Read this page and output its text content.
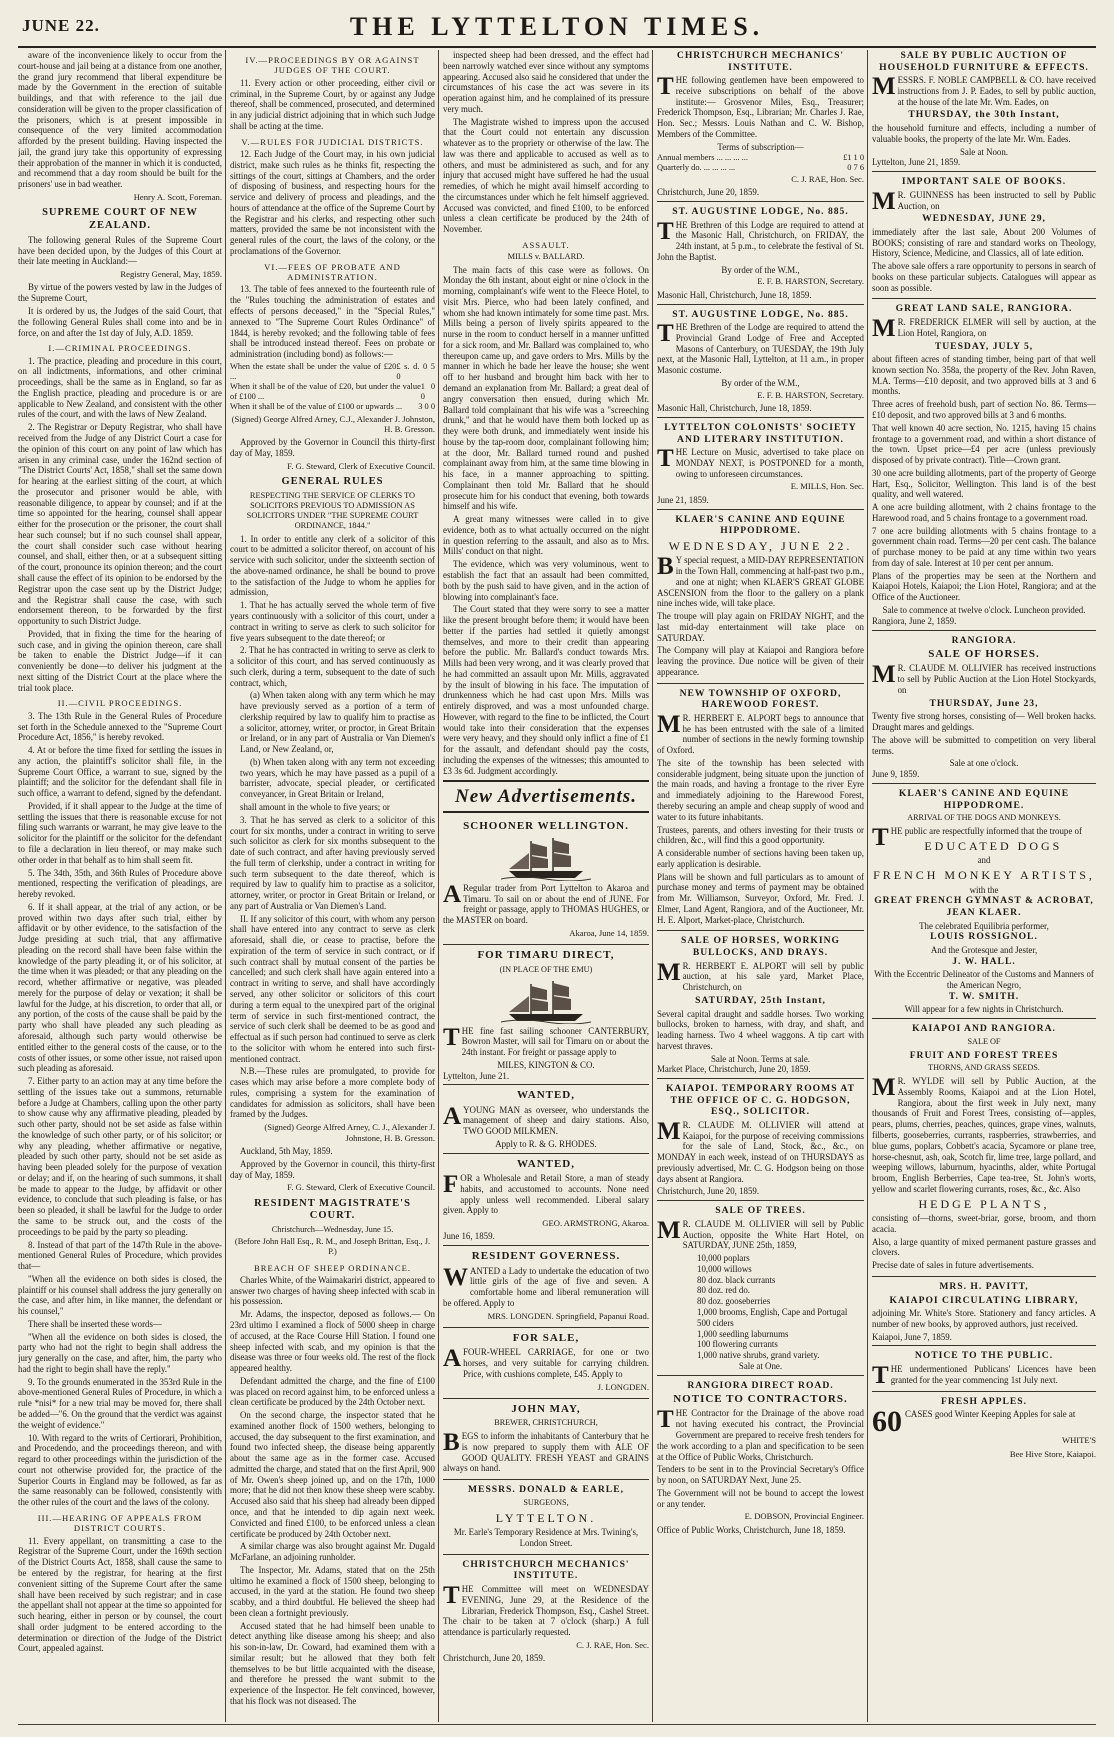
JUNE 22.	THE LYTTELTON TIMES.

aware of the inconvenience likely to occur from the court-house and jail being at a distance from one another, the grand jury recommend that liberal expenditure be made by the Government in the erection of suitable buildings, and that with reference to the jail due consideration will be given to the proper classification of the prisoners, which is at present impossible in consequence of the very limited accommodation afforded by the present building. Having inspected the jail, the grand jury take this opportunity of expressing their approbation of the manner in which it is conducted, and recommend that a day room should be built for the prisoners' use in bad weather.

Henry A. Scott, Foreman.
SUPREME COURT OF NEW ZEALAND.

The following general Rules of the Supreme Court have been decided upon, by the Judges of this Court at their late meeting in Auckland:—

Registry General, May, 1859.

By virtue of the powers vested by law in the Judges of the Supreme Court,

It is ordered by us, the Judges of the said Court, that the following General Rules shall come into and be in force, on and after the 1st day of July, A.D. 1859.

I.—CRIMINAL PROCEEDINGS.

1. The practice, pleading and procedure in this court, on all indictments, informations, and other criminal proceedings, shall be the same as in England, so far as the English practice, pleading and procedure is or are applicable to New Zealand, and consistent with the other rules of the court, and with the laws of New Zealand.

2. The Registrar or Deputy Registrar, who shall have received from the Judge of any District Court a case for the opinion of this court on any point of law which has arisen in any criminal case, under the 162nd section of "The District Courts' Act, 1858," shall set the same down for hearing at the earliest sitting of the court, at which the prosecutor and prisoner would be able, with reasonable diligence, to appear by counsel; and if at the time so appointed for the hearing, counsel shall appear either for the prosecution or the prisoner, the court shall hear such counsel; but if no such counsel shall appear, the court shall consider such case without hearing counsel, and shall, either then, or at a subsequent sitting of the court, pronounce its opinion thereon; and the court shall cause the effect of its opinion to be endorsed by the Registrar upon the case sent up by the District Judge; and the Registrar shall cause the case, with such endorsement thereon, to be forwarded by the first opportunity to such District Judge.

Provided, that in fixing the time for the hearing of such case, and in giving the opinion thereon, care shall be taken to enable the District Judge—if it can conveniently be done—to deliver his judgment at the next sitting of the District Court at the place where the trial took place.

II.—CIVIL PROCEEDINGS.

3. The 13th Rule in the General Rules of Procedure set forth in the Schedule annexed to the "Supreme Court Procedure Act, 1856," is hereby revoked.

4. At or before the time fixed for settling the issues in any action, the plaintiff's solicitor shall file, in the Supreme Court Office, a warrant to sue, signed by the plaintiff; and the solicitor for the defendant shall file in such office, a warrant to defend, signed by the defendant.

Provided, if it shall appear to the Judge at the time of settling the issues that there is reasonable excuse for not filing such warrants or warrant, he may give leave to the solicitor for the plaintiff or the solicitor for the defendant to file a declaration in lieu thereof, or may make such other order in that behalf as to him shall seem fit.

5. The 34th, 35th, and 36th Rules of Procedure above mentioned, respecting the verification of pleadings, are hereby revoked.

6. If it shall appear, at the trial of any action, or be proved within two days after such trial, either by affidavit or by other evidence, to the satisfaction of the Judge presiding at such trial, that any affirmative pleading on the record shall have been false within the knowledge of the party pleading it, or of his solicitor, at the time when it was pleaded; or that any pleading on the record, whether affirmative or negative, was pleaded merely for the purpose of delay or vexation; it shall be lawful for the Judge, at his discretion, to order that all, or any portion, of the costs of the cause shall be paid by the party who shall have pleaded any such pleading as aforesaid, although such party would otherwise be entitled either to the general costs of the cause, or to the costs of other issues, or some other issue, not raised upon such pleading as aforesaid.

7. Either party to an action may at any time before the settling of the issues take out a summons, returnable before a Judge at Chambers, calling upon the other party to show cause why any affirmative pleading, pleaded by such other party, should not be set aside as false within the knowledge of such other party, or of his solicitor; or why any pleading, whether affirmative or negative, pleaded by such other party, should not be set aside as having been pleaded solely for the purpose of vexation or delay; and if, on the hearing of such summons, it shall be made to appear to the Judge, by affidavit or other evidence, to conclude that such pleading is false, or has been so pleaded, it shall be lawful for the Judge to order the same to be struck out, and the costs of the proceedings to be paid by the party so pleading.

8. Instead of that part of the 147th Rule in the above-mentioned General Rules of Procedure, which provides that—

"When all the evidence on both sides is closed, the plaintiff or his counsel shall address the jury generally on the case, and after him, in like manner, the defendant or his counsel,"

There shall be inserted these words—

"When all the evidence on both sides is closed, the party who had not the right to begin shall address the jury generally on the case, and after, him, the party who had the right to begin shall have the reply."

9. To the grounds enumerated in the 353rd Rule in the above-mentioned General Rules of Procedure, in which a rule *nisi* for a new trial may be moved for, there shall be added—"6. On the ground that the verdict was against the weight of evidence."

10. With regard to the writs of Certiorari, Prohibition, and Procedendo, and the proceedings thereon, and with regard to other proceedings within the jurisdiction of the court not otherwise provided for, the practice of the Superior Courts in England may be followed, as far as the same reasonably can be followed, consistently with the other rules of the court and the laws of the colony.

III.—HEARING OF APPEALS FROM DISTRICT COURTS.

11. Every appellant, on transmitting a case to the Registrar of the Supreme Court, under the 169th section of the District Courts Act, 1858, shall cause the same to be entered by the registrar, for hearing at the first convenient sitting of the Supreme Court after the same shall have been received by such registrar; and in case the appellant shall not appear at the time so appointed for such hearing, either in person or by counsel, the court shall order judgment to be entered according to the determination or direction of the Judge of the District Court, appealed against.

IV.—PROCEEDINGS BY OR AGAINST JUDGES OF THE COURT.

11. Every action or other proceeding, either civil or criminal, in the Supreme Court, by or against any Judge thereof, shall be commenced, prosecuted, and determined in any judicial district adjoining that in which such Judge shall be acting at the time.

V.—RULES FOR JUDICIAL DISTRICTS.

12. Each Judge of the Court may, in his own judicial district, make such rules as he thinks fit, respecting the sittings of the court, sittings at Chambers, and the order of disposing of business, and respecting hours for the service and delivery of process and pleadings, and the hours of attendance at the office of the Supreme Court by the Registrar and his clerks, and respecting other such matters, provided the same be not inconsistent with the general rules of the court, the laws of the colony, or the proclamations of the Governor.

VI.—FEES OF PROBATE AND ADMINISTRATION.

13. The table of fees annexed to the fourteenth rule of the "Rules touching the administration of estates and effects of persons deceased," in the "Special Rules," annexed to "The Supreme Court Rules Ordinance" of 1844, is hereby revoked; and the following table of fees shall be introduced instead thereof. Fees on probate or administration (including bond) as follows:—

When the estate shall be under the value of £20 ...
£ s. d. 0 5 0
When it shall be of the value of £20, but under the value of £100 ...
1 0 0
When it shall be of the value of £100 or upwards ... 3 0 0
(Signed) George Alfred Arney, C.J., Alexander J. Johnston, H. B. Gresson.

Approved by the Governor in Council this thirty-first day of May, 1859.

F. G. Steward, Clerk of Executive Council.
GENERAL RULES
RESPECTING THE SERVICE OF CLERKS TO SOLICITORS PREVIOUS TO ADMISSION AS SOLICITORS UNDER "THE SUPREME COURT ORDINANCE, 1844."

1. In order to entitle any clerk of a solicitor of this court to be admitted a solicitor thereof, on account of his service with such solicitor, under the sixteenth section of the above-named ordinance, he shall be bound to prove to the satisfaction of the Judge to whom he applies for admission,

1. That he has actually served the whole term of five years continuously with a solicitor of this court, under a contract in writing to serve as clerk to such solicitor for five years subsequent to the date thereof; or

2. That he has contracted in writing to serve as clerk to a solicitor of this court, and has served continuously as such clerk, during a term, subsequent to the date of such contract, which,

(a) When taken along with any term which he may have previously served as a portion of a term of clerkship required by law to qualify him to practise as a solicitor, attorney, writer, or proctor, in Great Britain or Ireland, or in any part of Australia or Van Diemen's Land, or New Zealand, or,

(b) When taken along with any term not exceeding two years, which he may have passed as a pupil of a barrister, advocate, special pleader, or certificated conveyancer, in Great Britain or Ireland,

shall amount in the whole to five years; or

3. That he has served as clerk to a solicitor of this court for six months, under a contract in writing to serve such solicitor as clerk for six months subsequent to the date of such contract, and after having previously served the full term of clerkship, under a contract in writing for such term subsequent to the date thereof, which is required by law to qualify him to practise as a solicitor, attorney, writer, or proctor in Great Britain or Ireland, or any part of Australia or Van Diemen's Land.

II. If any solicitor of this court, with whom any person shall have entered into any contract to serve as clerk aforesaid, shall die, or cease to practise, before the expiration of the term of service in such contract, or if such contract shall by mutual consent of the parties be cancelled; and such clerk shall have again entered into a contract in writing to serve, and shall have accordingly served, any other solicitor or solicitors of this court during a term equal to the unexpired part of the original term of service in such first-mentioned contract, the service of such clerk shall be deemed to be as good and effectual as if such person had continued to serve as clerk to the solicitor with whom he entered into such first-mentioned contract.

N.B.—These rules are promulgated, to provide for cases which may arise before a more complete body of rules, comprising a system for the examination of candidates for admission as solicitors, shall have been framed by the Judges.

(Signed) George Alfred Arney, C. J., Alexander J. Johnstone, H. B. Gresson.

Auckland, 5th May, 1859.

Approved by the Governor in council, this thirty-first day of May, 1859.

F. G. Steward, Clerk of Executive Council.
RESIDENT MAGISTRATE'S COURT.
Christchurch—Wednesday, June 15.
(Before John Hall Esq., R. M., and Joseph Brittan, Esq., J. P.)
BREACH OF SHEEP ORDINANCE.

Charles White, of the Waimakariri district, appeared to answer two charges of having sheep infected with scab in his possession.

Mr. Adams, the inspector, deposed as follows.— On 23rd ultimo I examined a flock of 5000 sheep in charge of accused, at the Race Course Hill Station. I found one sheep infected with scab, and my opinion is that the disease was three or four weeks old. The rest of the flock appeared healthy.

Defendant admitted the charge, and the fine of £100 was placed on record against him, to be enforced unless a clean certificate be produced by the 24th October next.

On the second charge, the inspector stated that he examined another flock of 1500 wethers, belonging to accused, the day subsequent to the first examination, and found two infected sheep, the disease being apparently about the same age as in the former case. Accused admitted the charge, and stated that on the first April, 900 of Mr. Owen's sheep joined up, and on the 17th, 1000 more; that he did not then know these sheep were scabby. Accused also said that his sheep had already been dipped once, and that he intended to dip again next week. Convicted and fined £100, to be enforced unless a clean certificate be produced by 24th October next.

A similar charge was also brought against Mr. Dugald McFarlane, an adjoining runholder.

The Inspector, Mr. Adams, stated that on the 25th ultimo he examined a flock of 1500 sheep, belonging to accused, in the yard at the station. He found two sheep scabby, and a third doubtful. He believed the sheep had been clean a fortnight previously.

Accused stated that he had himself been unable to detect anything like disease among his sheep; and also his son-in-law, Dr. Coward, had examined them with a similar result; but he allowed that they both felt themselves to be but little acquainted with the disease, and therefore he pressed the want submit to the experience of the Inspector. He felt convinced, however, that his flock was not diseased. The

inspected sheep had been dressed, and the effect had been narrowly watched ever since without any symptoms appearing. Accused also said he considered that under the circumstances of his case the act was severe in its operation against him, and he complained of its pressure very much.

The Magistrate wished to impress upon the accused that the Court could not entertain any discussion whatever as to the propriety or otherwise of the law. The law was there and applicable to accused as well as to others, and must be administered as such, and for any injury that accused might have suffered he had the usual remedies, of which he might avail himself according to the circumstances under which he felt himself aggrieved. Accused was convicted, and fined £100, to be enforced unless a clean certificate be produced by the 24th of November.

ASSAULT.
MILLS v. BALLARD.

The main facts of this case were as follows. On Monday the 6th instant, about eight or nine o'clock in the morning, complainant's wife went to the Fleece Hotel, to visit Mrs. Pierce, who had been lately confined, and whom she had known intimately for some time past. Mrs. Mills being a person of lively spirits appeared to the nurse in the room to conduct herself in a manner unfitted for a sick room, and Mr. Ballard was complained to, who thereupon came up, and gave orders to Mrs. Mills by the manner in which he bade her leave the house; she went off to her husband and brought him back with her to demand an explanation from Mr. Ballard; a great deal of angry conversation then ensued, during which Mr. Ballard told complainant that his wife was a "screeching drunk," and that he would have them both locked up as they were both drunk, and immediately went inside his house by the tap-room door, complainant following him; at the door, Mr. Ballard turned round and pushed complainant away from him, at the same time blowing in his face, in a manner approaching to spitting. Complainant then told Mr. Ballard that he should prosecute him for his conduct that evening, both towards himself and his wife.

A great many witnesses were called in to give evidence, both as to what actually occurred on the night in question referring to the assault, and also as to Mrs. Mills' conduct on that night.

The evidence, which was very voluminous, went to establish the fact that an assault had been committed, both by the push said to have given, and in the action of blowing into complainant's face.

The Court stated that they were sorry to see a matter like the present brought before them; it would have been better if the parties had settled it quietly amongst themselves, and more to their credit than appearing before the public. Mr. Ballard's conduct towards Mrs. Mills had been very wrong, and it was clearly proved that he had committed an assault upon Mr. Mills, aggravated by the insult of blowing in his face. The imputation of drunkenness which he had cast upon Mrs. Mills was entirely disproved, and was a most unfounded charge. However, with regard to the fine to be inflicted, the Court would take into their consideration that the expenses were very heavy, and they should only inflict a fine of £1 for the assault, and defendant should pay the costs, including the expenses of the witnesses; this amounted to £3 3s 6d. Judgment accordingly.

New Advertisements.
SCHOONER WELLINGTON.

ARegular trader from Port Lyttelton to Akaroa and Timaru. To sail on or about the end of JUNE. For freight or passage, apply to THOMAS HUGHES, or the MASTER on board.

Akaroa, June 14, 1859.
FOR TIMARU DIRECT,
(IN PLACE OF THE EMU)

THE fine fast sailing schooner CANTERBURY, Bowron Master, will sail for Timaru on or about the 24th instant. For freight or passage apply to

MILES, KINGTON & CO.
Lyttelton, June 21.
WANTED,

AYOUNG MAN as overseer, who understands the management of sheep and dairy stations. Also, TWO GOOD MILKMEN.

Apply to R. & G. RHODES.
WANTED,

FOR a Wholesale and Retail Store, a man of steady habits, and accustomed to accounts. None need apply unless well recommended. Liberal salary given. Apply to

GEO. ARMSTRONG, Akaroa.
June 16, 1859.
RESIDENT GOVERNESS.

WANTED a Lady to undertake the education of two little girls of the age of five and seven. A comfortable home and liberal remuneration will be offered. Apply to

MRS. LONGDEN. Springfield, Papanui Road.
FOR SALE,

AFOUR-WHEEL CARRIAGE, for one or two horses, and very suitable for carrying children. Price, with cushions complete, £45. Apply to

J. LONGDEN.
JOHN MAY,
BREWER, CHRISTCHURCH,

BEGS to inform the inhabitants of Canterbury that he is now prepared to supply them with ALE OF GOOD QUALITY. FRESH YEAST and GRAINS always on hand.

MESSRS. DONALD & EARLE,
SURGEONS,
LYTTELTON.

Mr. Earle's Temporary Residence at Mrs. Twining's, London Street.

CHRISTCHURCH MECHANICS' INSTITUTE.

THE Committee will meet on WEDNESDAY EVENING, June 29, at the Residence of the Librarian, Frederick Thompson, Esq., Cashel Street. The chair to be taken at 7 o'clock (sharp.) A full attendance is particularly requested.

C. J. RAE, Hon. Sec.
Christchurch, June 20, 1859.
CHRISTCHURCH MECHANICS' INSTITUTE.

THE following gentlemen have been empowered to receive subscriptions on behalf of the above institute:— Grosvenor Miles, Esq., Treasurer; Frederick Thompson, Esq., Librarian; Mr. Charles J. Rae, Hon. Sec.; Messrs. Louis Nathan and C. W. Bishop, Members of the Committee.

Terms of subscription—
Annual members ... ... ... ...	£1 1 0
Quarterly do. ... ... ... ...	0 7 6
C. J. RAE, Hon. Sec.
Christchurch, June 20, 1859.
ST. AUGUSTINE LODGE, No. 885.

THE Brethren of this Lodge are required to attend at the Masonic Hall, Christchurch, on FRIDAY, the 24th instant, at 5 p.m., to celebrate the festival of St. John the Baptist.

By order of the W.M.,
E. F. B. HARSTON, Secretary.
Masonic Hall, Christchurch, June 18, 1859.
ST. AUGUSTINE LODGE, No. 885.

THE Brethren of the Lodge are required to attend the Provincial Grand Lodge of Free and Accepted Masons of Canterbury, on TUESDAY, the 19th July next, at the Masonic Hall, Lyttelton, at 11 a.m., in proper Masonic costume.

By order of the W.M.,
E. F. B. HARSTON, Secretary.
Masonic Hall, Christchurch, June 18, 1859.
LYTTELTON COLONISTS' SOCIETY AND LITERARY INSTITUTION.

THE Lecture on Music, advertised to take place on MONDAY NEXT, is POSTPONED for a month, owing to unforeseen circumstances.

E. MILLS, Hon. Sec.
June 21, 1859.
KLAER'S CANINE AND EQUINE HIPPODROME.
WEDNESDAY, JUNE 22.

BY special request, a MID-DAY REPRESENTATION in the Town Hall, commencing at half-past two p.m., and one at night; when KLAER'S GREAT GLOBE ASCENSION from the floor to the gallery on a plank nine inches wide, will take place.

The troupe will play again on FRIDAY NIGHT, and the last mid-day entertainment will take place on SATURDAY.

The Company will play at Kaiapoi and Rangiora before leaving the province. Due notice will be given of their appearance.

NEW TOWNSHIP OF OXFORD, HAREWOOD FOREST.

MR. HERBERT E. ALPORT begs to announce that he has been entrusted with the sale of a limited number of sections in the newly forming township of Oxford.

The site of the township has been selected with considerable judgment, being situate upon the junction of the main roads, and having a frontage to the river Eyre and immediately adjoining to the Harewood Forest, thereby securing an ample and cheap supply of wood and water to its future inhabitants.

Trustees, parents, and others investing for their trusts or children, &c., will find this a good opportunity.

A considerable number of sections having been taken up, early application is desirable.

Plans will be shown and full particulars as to amount of purchase money and terms of payment may be obtained from Mr. Williamson, Surveyor, Oxford, Mr. Fred. J. Elmer, Land Agent, Rangiora, and of the Auctioneer, Mr. H. E. Alport, Market-place, Christchurch.

SALE OF HORSES, WORKING BULLOCKS, AND DRAYS.

MR. HERBERT E. ALPORT will sell by public auction, at his sale yard, Market Place, Christchurch, on

SATURDAY, 25th Instant,

Several capital draught and saddle horses. Two working bullocks, broken to harness, with dray, and shaft, and leading harness. Two 4 wheel waggons. A tip cart with harvest thraves.

Sale at Noon. Terms at sale.
Market Place, Christchurch, June 20, 1859.
KAIAPOI. TEMPORARY ROOMS AT THE OFFICE OF C. G. HODGSON, ESQ., SOLICITOR.

MR. CLAUDE M. OLLIVIER will attend at Kaiapoi, for the purpose of receiving commissions for the sale of Land, Stock, &c., &c., on MONDAY in each week, instead of on THURSDAYS as previously advertised, Mr. C. G. Hodgson being on those days absent at Rangiora.

Christchurch, June 20, 1859.
SALE OF TREES.

MR. CLAUDE M. OLLIVIER will sell by Public Auction, opposite the White Hart Hotel, on SATURDAY, JUNE 25th, 1859,

10,000 poplars
10,000 willows
80 doz. black currants
80 doz. red do.
80 doz. gooseberries
1,000 brooms, English, Cape and Portugal
500 ciders
1,000 seedling laburnums
100 flowering currants
1,000 native shrubs, grand variety.
Sale at One.
RANGIORA DIRECT ROAD.
NOTICE TO CONTRACTORS.

THE Contractor for the Drainage of the above road not having executed his contract, the Provincial Government are prepared to receive fresh tenders for the work according to a plan and specification to be seen at the Office of Public Works, Christchurch.

Tenders to be sent in to the Provincial Secretary's Office by noon, on SATURDAY Next, June 25.

The Government will not be bound to accept the lowest or any tender.

E. DOBSON, Provincial Engineer.
Office of Public Works, Christchurch, June 18, 1859.
SALE BY PUBLIC AUCTION OF HOUSEHOLD FURNITURE & EFFECTS.

MESSRS. F. NOBLE CAMPBELL & CO. have received instructions from J. P. Eades, to sell by public auction, at the house of the late Mr. Wm. Eades, on

THURSDAY, the 30th Instant,

the household furniture and effects, including a number of valuable books, the property of the late Mr. Wm. Eades.

Sale at Noon.
Lyttelton, June 21, 1859.
IMPORTANT SALE OF BOOKS.

MR. GUINNESS has been instructed to sell by Public Auction, on

WEDNESDAY, JUNE 29,

immediately after the last sale, About 200 Volumes of BOOKS; consisting of rare and standard works on Theology, History, Science, Medicine, and Classics, all of late edition.

The above sale offers a rare opportunity to persons in search of books on these particular subjects. Catalogues will appear as soon as possible.

GREAT LAND SALE, RANGIORA.

MR. FREDERICK ELMER will sell by auction, at the Lion Hotel, Rangiora, on

TUESDAY, JULY 5,

about fifteen acres of standing timber, being part of that well known section No. 358a, the property of the Rev. John Raven, M.A. Terms—£10 deposit, and two approved bills at 3 and 6 months.

Three acres of freehold bush, part of section No. 86. Terms—£10 deposit, and two approved bills at 3 and 6 months.

That well known 40 acre section, No. 1215, having 15 chains frontage to a government road, and within a short distance of the town. Upset price—£4 per acre (unless previously disposed of by private contract). Title—Crown grant.

30 one acre building allotments, part of the property of George Hart, Esq., Solicitor, Wellington. This land is of the best quality, and well watered.

A one acre building allotment, with 2 chains frontage to the Harewood road, and 5 chains frontage to a government road.

7 one acre building allotments with 5 chains frontage to a government chain road. Terms—20 per cent cash. The balance of purchase money to be paid at any time within two years from day of sale. Interest at 10 per cent per annum.

Plans of the properties may be seen at the Northern and Kaiapoi Hotels, Kaiapoi; the Lion Hotel, Rangiora; and at the Office of the Auctioneer.

Sale to commence at twelve o'clock. Luncheon provided.
Rangiora, June 2, 1859.
RANGIORA.
SALE OF HORSES.

MR. CLAUDE M. OLLIVIER has received instructions to sell by Public Auction at the Lion Hotel Stockyards, on

THURSDAY, June 23,

Twenty five strong horses, consisting of— Well broken hacks. Draught mares and geldings.

The above will be submitted to competition on very liberal terms.

Sale at one o'clock.
June 9, 1859.
KLAER'S CANINE AND EQUINE HIPPODROME.
ARRIVAL OF THE DOGS AND MONKEYS.

THE public are respectfully informed that the troupe of

EDUCATED DOGS
and
FRENCH MONKEY ARTISTS,
with the
GREAT FRENCH GYMNAST & ACROBAT, JEAN KLAER.
The celebrated Equilibria performer,
LOUIS ROSSIGNOL.
And the Grotesque and Jester,
J. W. HALL.
With the Eccentric Delineator of the Customs and Manners of the American Negro,
T. W. SMITH.
Will appear for a few nights in Christchurch.
KAIAPOI AND RANGIORA.
SALE OF
FRUIT AND FOREST TREES
THORNS, AND GRASS SEEDS.

MR. WYLDE will sell by Public Auction, at the Assembly Rooms, Kaiapoi and at the Lion Hotel, Rangiora, about the first week in July next, many thousands of Fruit and Forest Trees, consisting of—apples, pears, plums, cherries, peaches, quinces, grape vines, walnuts, filberts, gooseberries, currants, raspberries, strawberries, and blue gums, poplars, Cobbett's acacia, Sycamore or plane tree, horse-chesnut, ash, oak, Scotch fir, lime tree, large pollard, and weeping willows, laburnum, hyacinths, alder, white Portugal broom, English Berberries, Cape tea-tree, St. John's worts, yellow and scarlet flowering currants, roses, &c., &c. Also

HEDGE PLANTS,

consisting of—thorns, sweet-briar, gorse, broom, and thorn acacia.

Also, a large quantity of mixed permanent pasture grasses and clovers.

Precise date of sales in future advertisements.

MRS. H. PAVITT,
KAIAPOI CIRCULATING LIBRARY,

adjoining Mr. White's Store. Stationery and fancy articles. A number of new books, by approved authors, just received.

Kaiapoi, June 7, 1859.
NOTICE TO THE PUBLIC.

THE undermentioned Publicans' Licences have been granted for the year commencing 1st July next.

FRESH APPLES.
60 CASES good Winter Keeping Apples for sale at
WHITE'S
Bee Hive Store, Kaiapoi.
